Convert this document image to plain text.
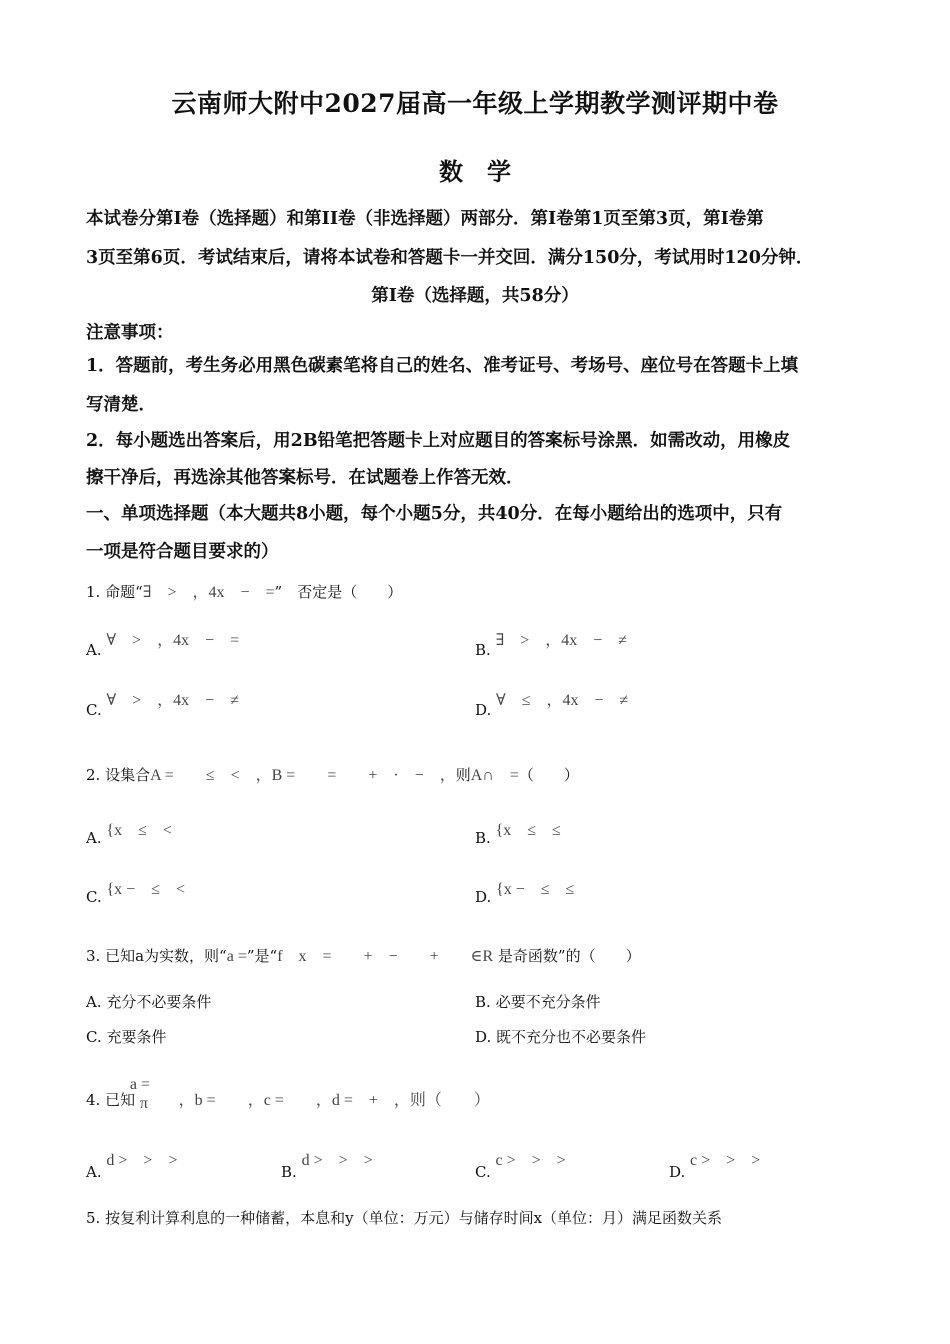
云南师大附中2027届高一年级上学期教学测评期中卷
数　学
本试卷分第I卷（选择题）和第II卷（非选择题）两部分．第I卷第1页至第3页，第I卷第
3页至第6页．考试结束后，请将本试卷和答题卡一并交回．满分150分，考试用时120分钟．
第I卷（选择题，共58分）
注意事项：
1．答题前，考生务必用黑色碳素笔将自己的姓名、准考证号、考场号、座位号在答题卡上填
写清楚．
2．每小题选出答案后，用2B铅笔把答题卡上对应题目的答案标号涂黑．如需改动，用橡皮
擦干净后，再选涂其他答案标号．在试题卷上作答无效．
一、单项选择题（本大题共8小题，每个小题5分，共40分．在每小题给出的选项中，只有
一项是符合题目要求的）
1. 命题“∃　>　，4x　−　=”　否定是（　　）
A. ∀　>　，4x　−　=
B. ∃　>　，4x　−　≠
C. ∀　>　，4x　−　≠
D. ∀　≤　，4x　−　≠
2. 设集合A =　　≤　<　，B =　　=　　+　·　−　，则A∩　=（　　）
A. {x　≤　<	B. {x　≤　≤
C. {x −　≤　<	D. {x −　≤　≤
3. 已知a为实数，则“a =”是“f　x　=　　+　−　　+　　∈R 是奇函数”的（　　）
A. 充分不必要条件	B. 必要不充分条件
C. 充要条件	D. 既不充分也不必要条件
4. 已知
a =
π ，b =　　，c =　　，d =　+　，则（　　）
A. d >　>　>
B. d >　>　>
C. c >　>　>
D. c >　>　>
5. 按复利计算利息的一种储蓄，本息和y（单位：万元）与储存时间x（单位：月）满足函数关系
